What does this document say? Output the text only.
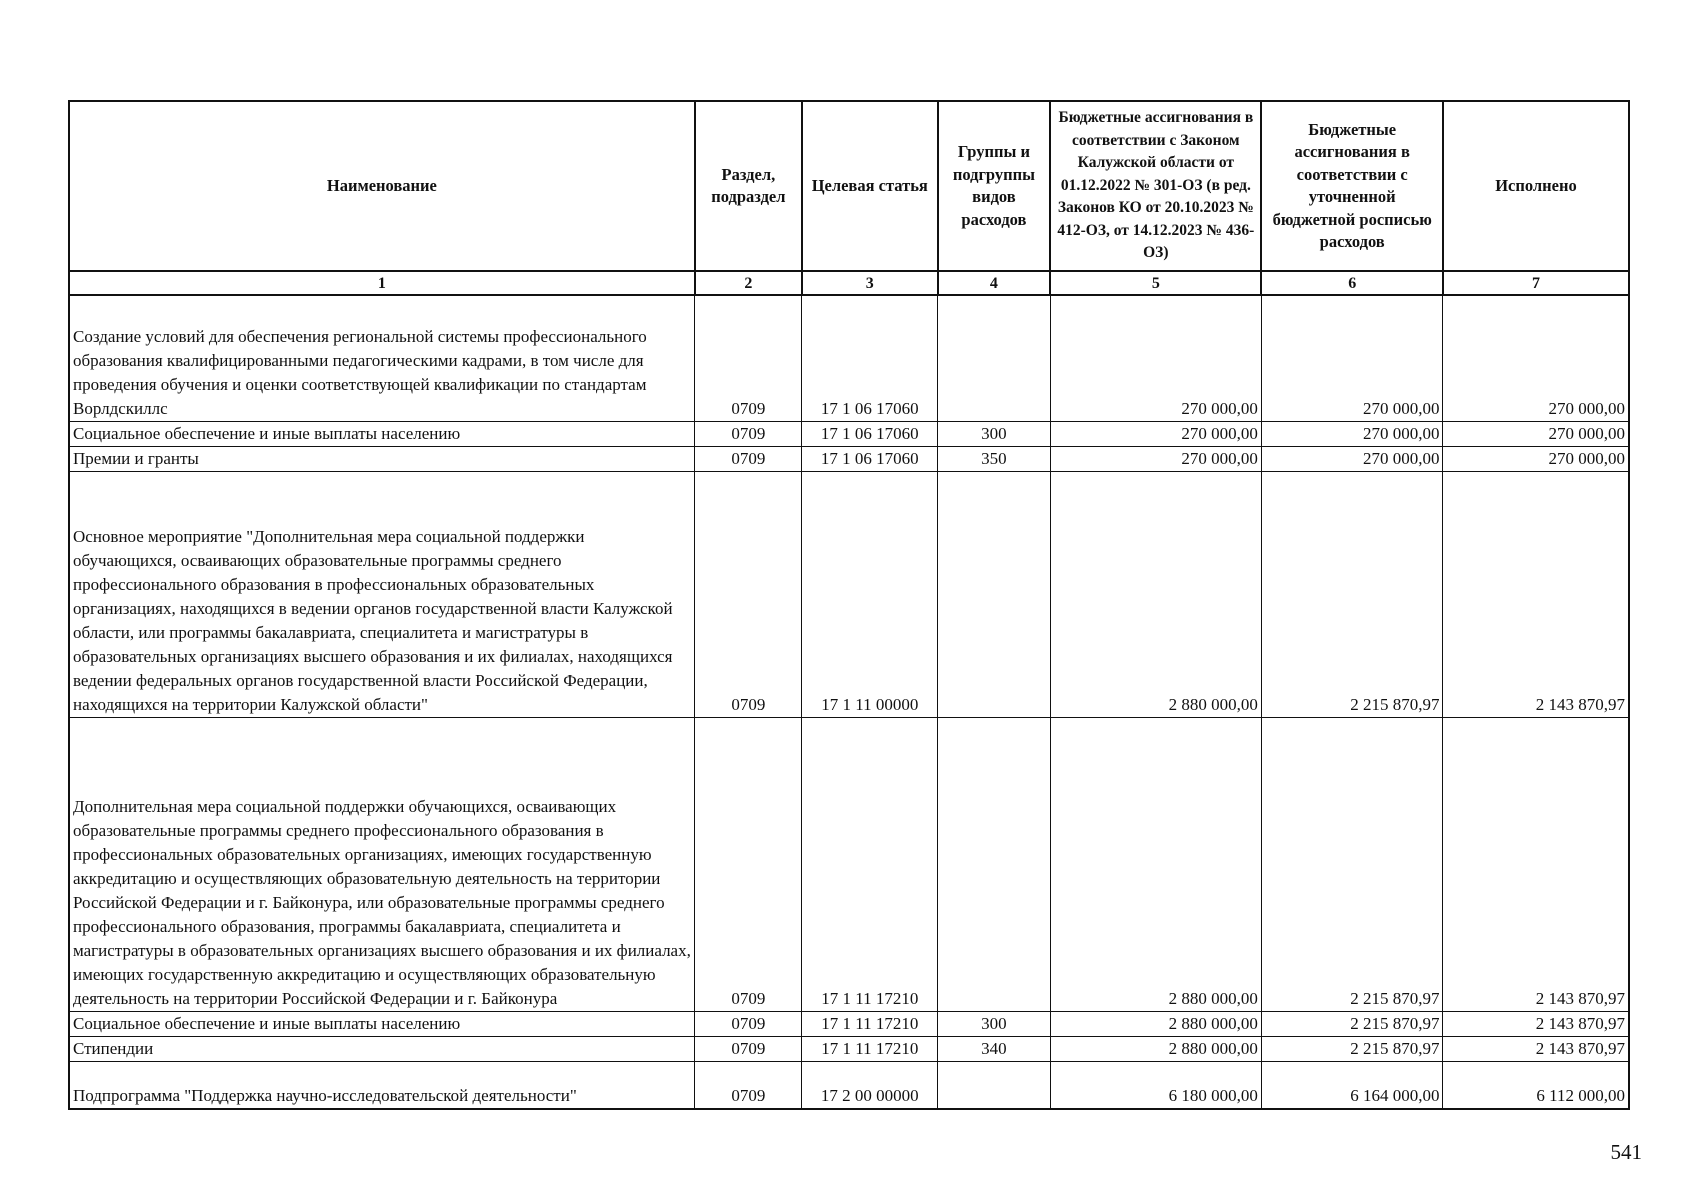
Наименование	Раздел, подраздел	Целевая статья	Группы и подгруппы видов расходов	Бюджетные ассигнования в соответствии с Законом Калужской области от 01.12.2022 № 301-ОЗ (в ред. Законов КО от 20.10.2023 № 412-ОЗ, от 14.12.2023 № 436-ОЗ)	Бюджетные ассигнования в соответствии с уточненной бюджетной росписью расходов	Исполнено
1	2	3	4	5	6	7
Создание условий для обеспечения региональной системы профессионального образования квалифицированными педагогическими кадрами, в том числе для проведения обучения и оценки соответствующей квалификации по стандартам Ворлдскиллс	0709	17 1 06 17060		270 000,00	270 000,00	270 000,00
Социальное обеспечение и иные выплаты населению	0709	17 1 06 17060	300	270 000,00	270 000,00	270 000,00
Премии и гранты	0709	17 1 06 17060	350	270 000,00	270 000,00	270 000,00
Основное мероприятие "Дополнительная мера социальной поддержки обучающихся, осваивающих образовательные программы среднего профессионального образования в профессиональных образовательных организациях, находящихся в ведении органов государственной власти Калужской области, или программы бакалавриата, специалитета и магистратуры в образовательных организациях высшего образования и их филиалах, находящихся ведении федеральных органов государственной власти Российской Федерации, находящихся на территории Калужской области"	0709	17 1 11 00000		2 880 000,00	2 215 870,97	2 143 870,97
Дополнительная мера социальной поддержки обучающихся, осваивающих образовательные программы среднего профессионального образования в профессиональных образовательных организациях, имеющих государственную аккредитацию и осуществляющих образовательную деятельность на территории Российской Федерации и г. Байконура, или образовательные программы среднего профессионального образования, программы бакалавриата, специалитета и магистратуры в образовательных организациях высшего образования и их филиалах, имеющих государственную аккредитацию и осуществляющих образовательную деятельность на территории Российской Федерации и г. Байконура	0709	17 1 11 17210		2 880 000,00	2 215 870,97	2 143 870,97
Социальное обеспечение и иные выплаты населению	0709	17 1 11 17210	300	2 880 000,00	2 215 870,97	2 143 870,97
Стипендии	0709	17 1 11 17210	340	2 880 000,00	2 215 870,97	2 143 870,97
Подпрограмма "Поддержка научно-исследовательской деятельности"	0709	17 2 00 00000		6 180 000,00	6 164 000,00	6 112 000,00
541
